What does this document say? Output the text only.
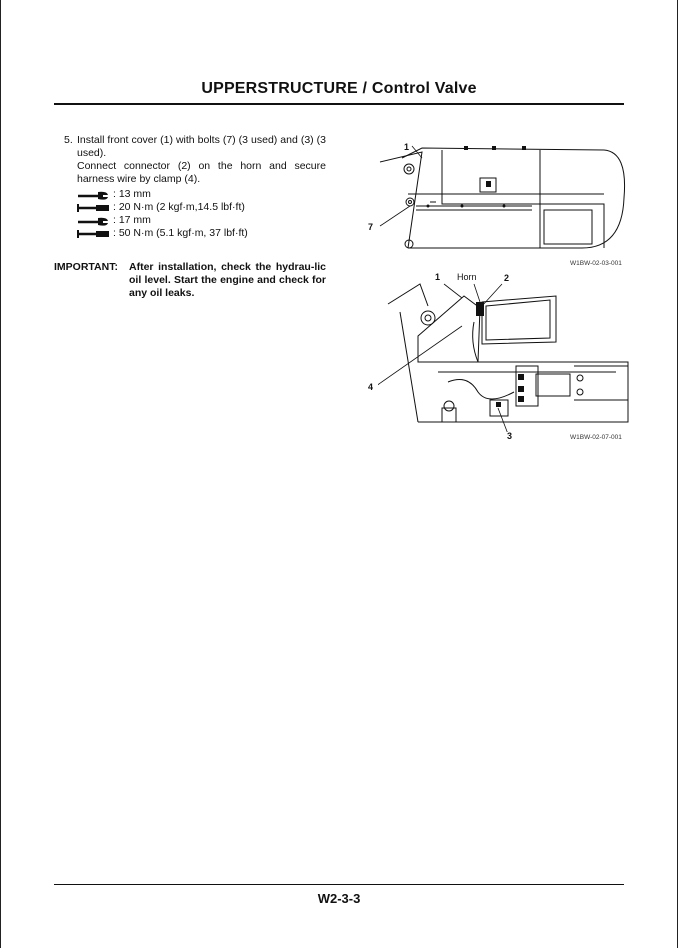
UPPERSTRUCTURE / Control Valve
5. Install front cover (1) with bolts (7) (3 used) and (3) (3 used).
Connect connector (2) on the horn and secure harness wire by clamp (4).
: 13 mm
: 20 N·m (2 kgf·m,14.5 lbf·ft)
: 17 mm
: 50 N·m (5.1 kgf·m, 37 lbf·ft)
IMPORTANT: After installation, check the hydrau-lic oil level. Start the engine and check for any oil leaks.
1
7
W1BW-02-03-001
1 Horn	2
4
3	W1BW-02-07-001
W2-3-3
